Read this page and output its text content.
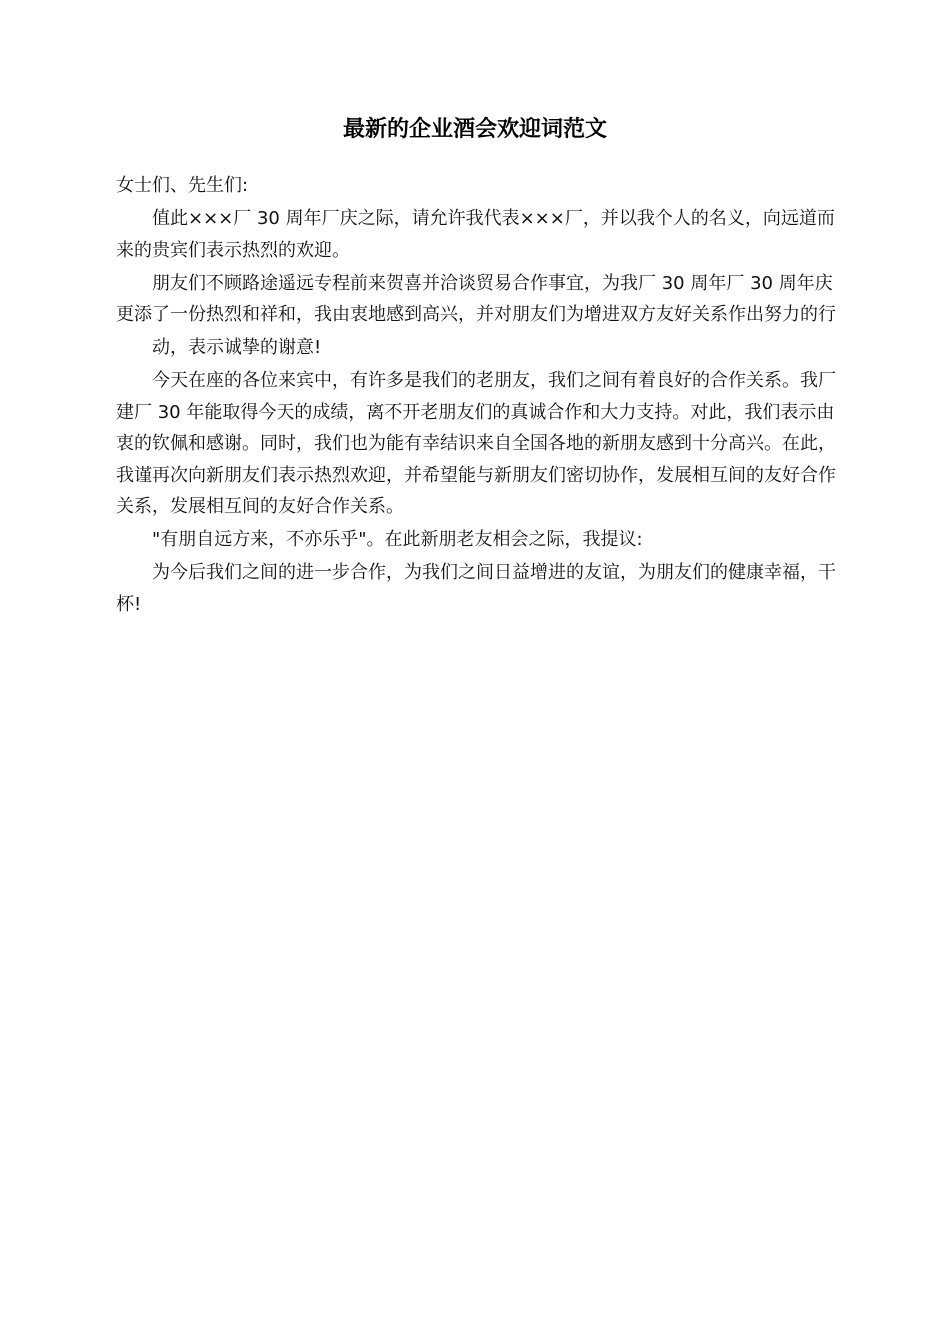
最新的企业酒会欢迎词范文

女士们、先生们:

值此×××厂 30 周年厂庆之际，请允许我代表×××厂，并以我个人的名义，向远道而来的贵宾们表示热烈的欢迎。

朋友们不顾路途遥远专程前来贺喜并洽谈贸易合作事宜，为我厂 30 周年厂 30 周年庆更添了一份热烈和祥和，我由衷地感到高兴，并对朋友们为增进双方友好关系作出努力的行

动，表示诚挚的谢意!

今天在座的各位来宾中，有许多是我们的老朋友，我们之间有着良好的合作关系。我厂建厂 30 年能取得今天的成绩，离不开老朋友们的真诚合作和大力支持。对此，我们表示由衷的钦佩和感谢。同时，我们也为能有幸结识来自全国各地的新朋友感到十分高兴。在此，我谨再次向新朋友们表示热烈欢迎，并希望能与新朋友们密切协作，发展相互间的友好合作关系，发展相互间的友好合作关系。

"有朋自远方来，不亦乐乎"。在此新朋老友相会之际，我提议:

为今后我们之间的进一步合作，为我们之间日益增进的友谊，为朋友们的健康幸福，干杯!
